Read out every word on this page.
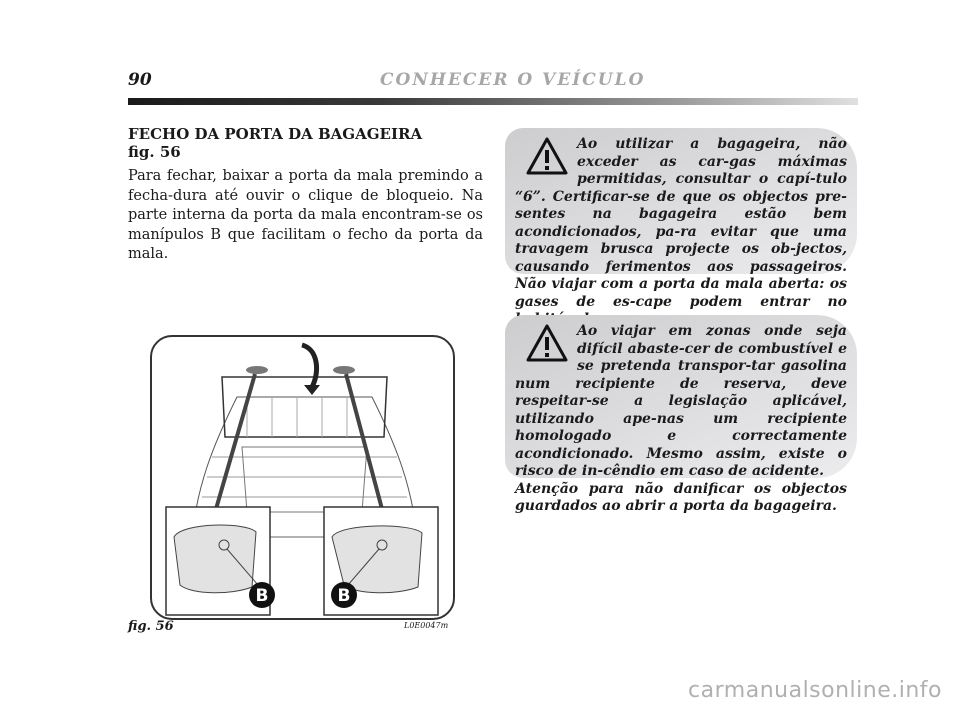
90	CONHECER O VEÍCULO
FECHO DA PORTA DA BAGAGEIRA
fig. 56
Para fechar, baixar a porta da mala premindo a fecha-dura até ouvir o clique de bloqueio. Na parte interna da porta da mala encontram-se os manípulos B que facilitam o fecho da porta da mala.
Ao utilizar a bagageira, não exceder as car-gas máximas permitidas, consultar o capí-tulo “6”. Certificar-se de que os objectos pre-sentes na bagageira estão bem acondicionados, pa-ra evitar que uma travagem brusca projecte os ob-jectos, causando ferimentos aos passageiros. Não viajar com a porta da mala aberta: os gases de es-cape podem entrar no
Ao viajar em zonas onde seja difícil abaste-cer de combustível e se pretenda transpor-tar gasolina num recipiente de reserva, deve respeitar-se a legislação aplicável, utilizando ape-nas um recipiente homologado e correctamente acondicionado. Mesmo assim, existe o risco de in-cêndio em caso de acidente.
Atenção para não danificar os objectos guardados ao abrir a porta da bagageira.
B	B
fig. 56	L0E0047m
carmanualsonline.info
